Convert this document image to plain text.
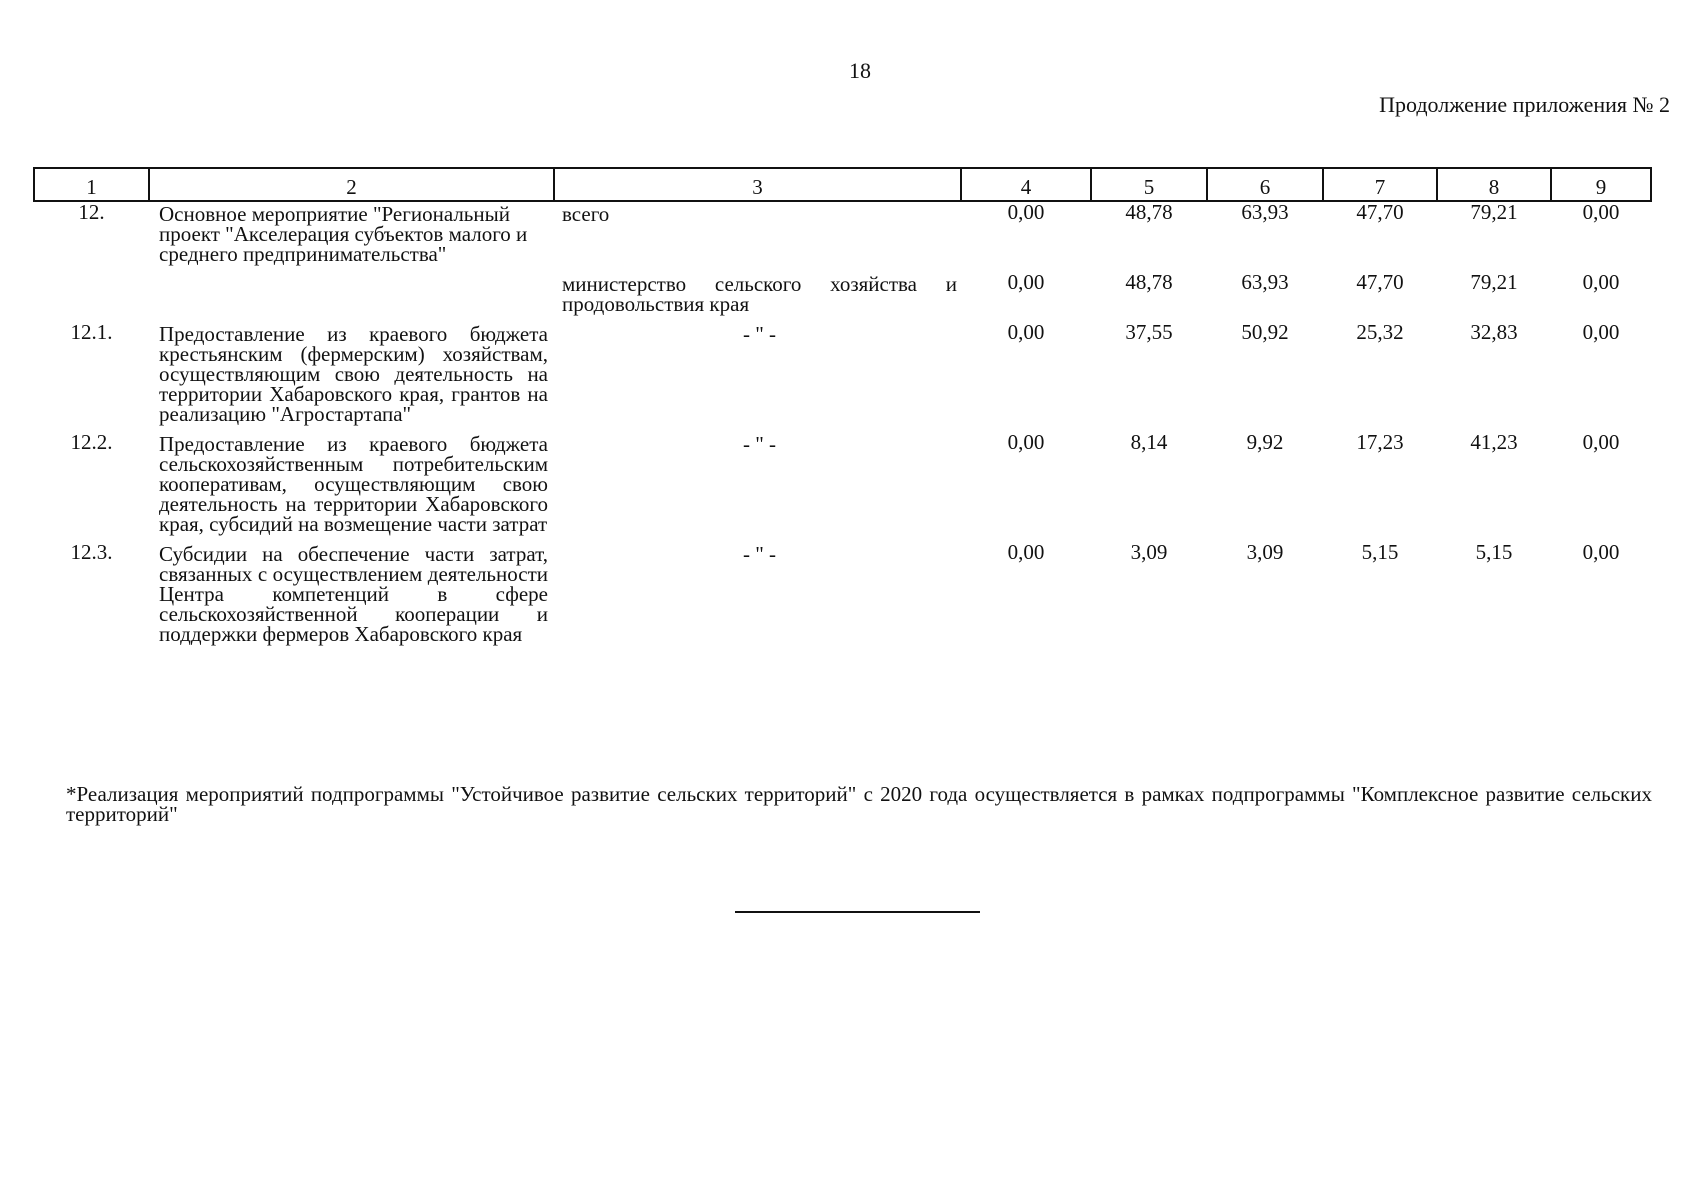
18
Продолжение приложения № 2
1	2	3	4	5	6	7	8	9
12.	Основное мероприятие "Региональный проект "Акселерация субъектов малого и среднего предпринимательства"	всего	0,00	48,78	63,93	47,70	79,21	0,00
		министерство сельского хозяйства и продовольствия края	0,00	48,78	63,93	47,70	79,21	0,00
12.1.	Предоставление из краевого бюджета крестьянским (фермерским) хозяйствам, осуществляющим свою деятельность на территории Хабаровского края, грантов на реализацию "Агростартапа"	- " -	0,00	37,55	50,92	25,32	32,83	0,00
12.2.	Предоставление из краевого бюджета сельскохозяйственным потребительским кооперативам, осуществляющим свою деятельность на территории Хабаровского края, субсидий на возмещение части затрат	- " -	0,00	8,14	9,92	17,23	41,23	0,00
12.3.	Субсидии на обеспечение части затрат, связанных с осуществлением деятельности Центра компетенций в сфере сельскохозяйственной кооперации и поддержки фермеров Хабаровского края	- " -	0,00	3,09	3,09	5,15	5,15	0,00
*Реализация мероприятий подпрограммы "Устойчивое развитие сельских территорий" с 2020 года осуществляется в рамках подпрограммы "Комплексное развитие сельских территорий"
